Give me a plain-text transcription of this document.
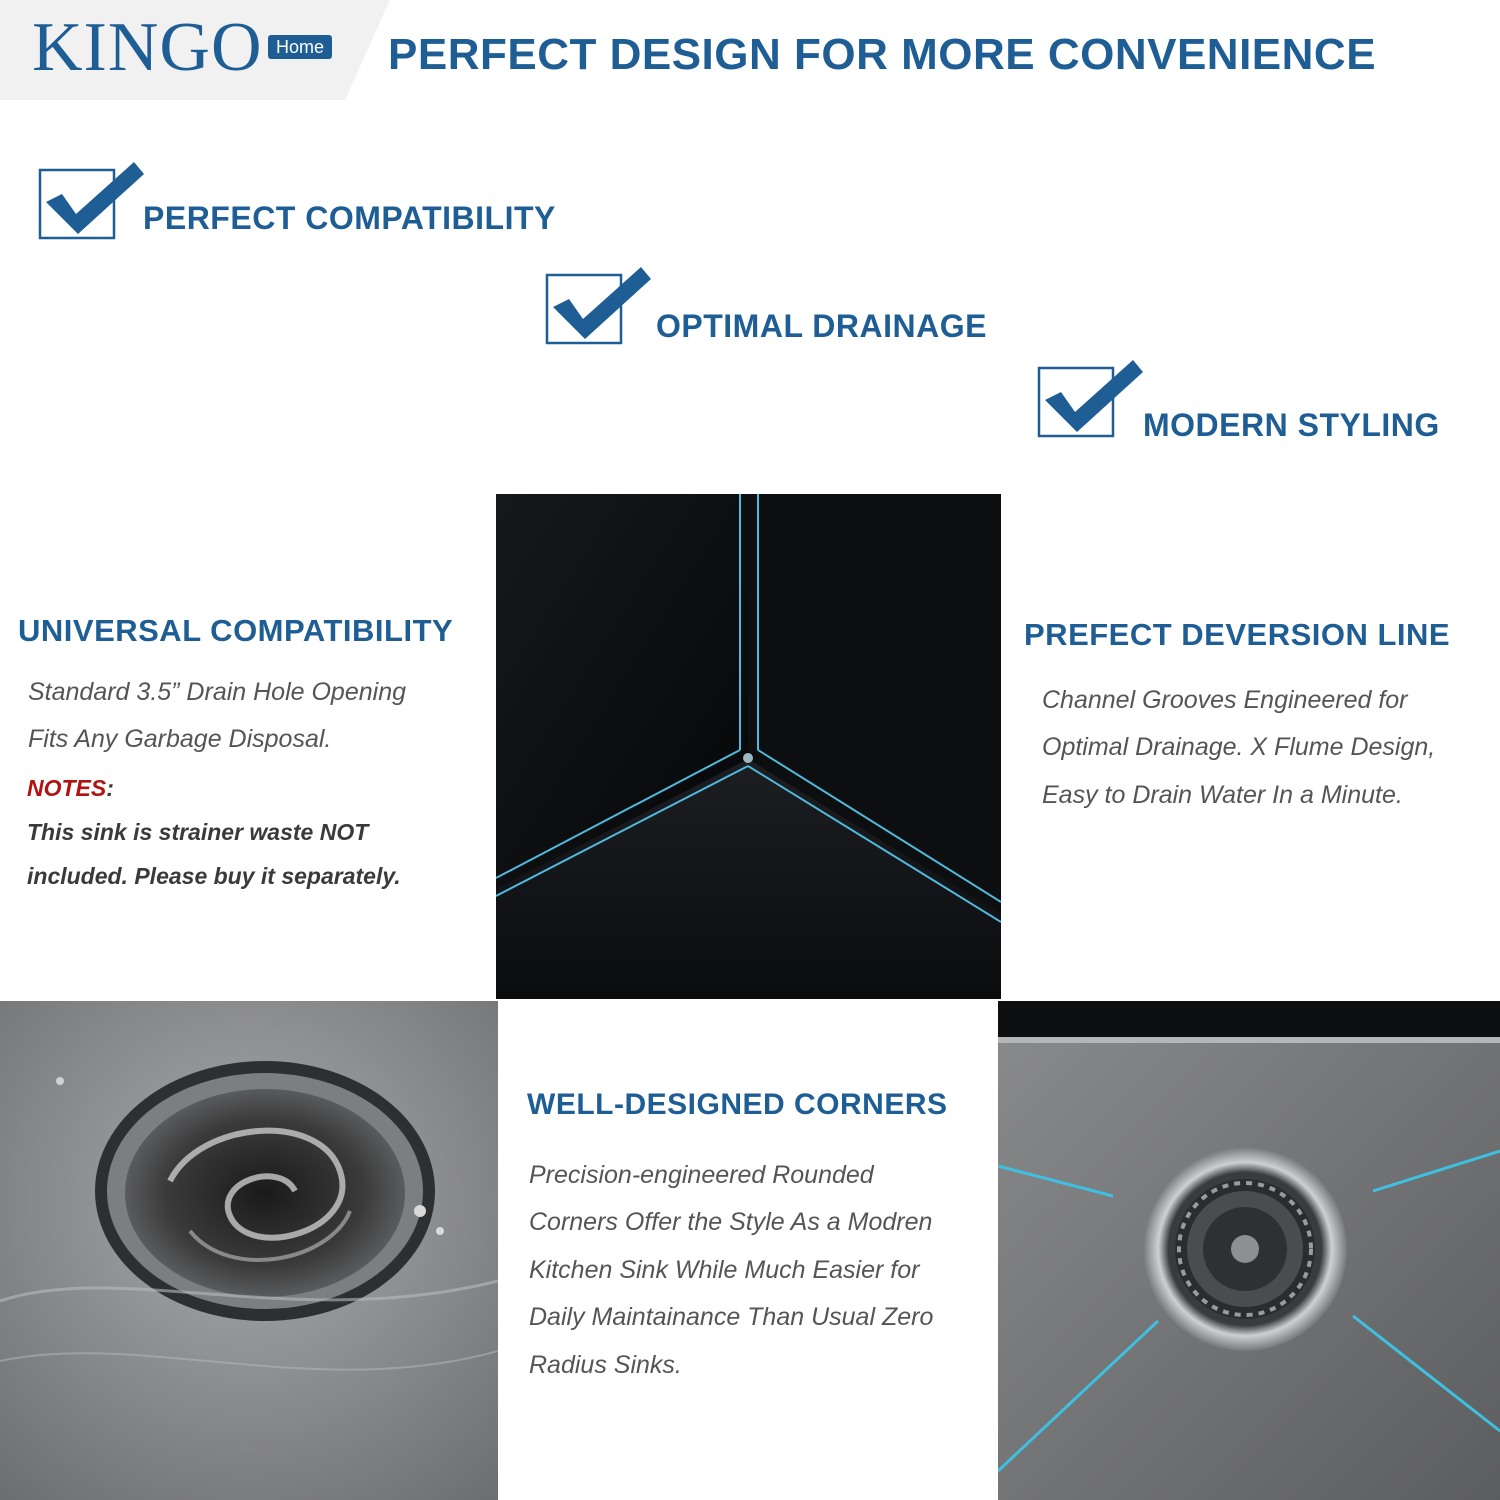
KINGO Home PERFECT DESIGN FOR MORE CONVENIENCE
PERFECT COMPATIBILITY
OPTIMAL DRAINAGE
MODERN STYLING
UNIVERSAL COMPATIBILITY
Standard 3.5” Drain Hole Opening
Fits Any Garbage Disposal.
NOTES:
This sink is strainer waste NOT
included. Please buy it separately.
PREFECT DEVERSION LINE
Channel Grooves Engineered for
Optimal Drainage. X Flume Design,
Easy to Drain Water In a Minute.
WELL-DESIGNED CORNERS
Precision-engineered Rounded
Corners Offer the Style As a Modren
Kitchen Sink While Much Easier for
Daily Maintainance Than Usual Zero
Radius Sinks.
